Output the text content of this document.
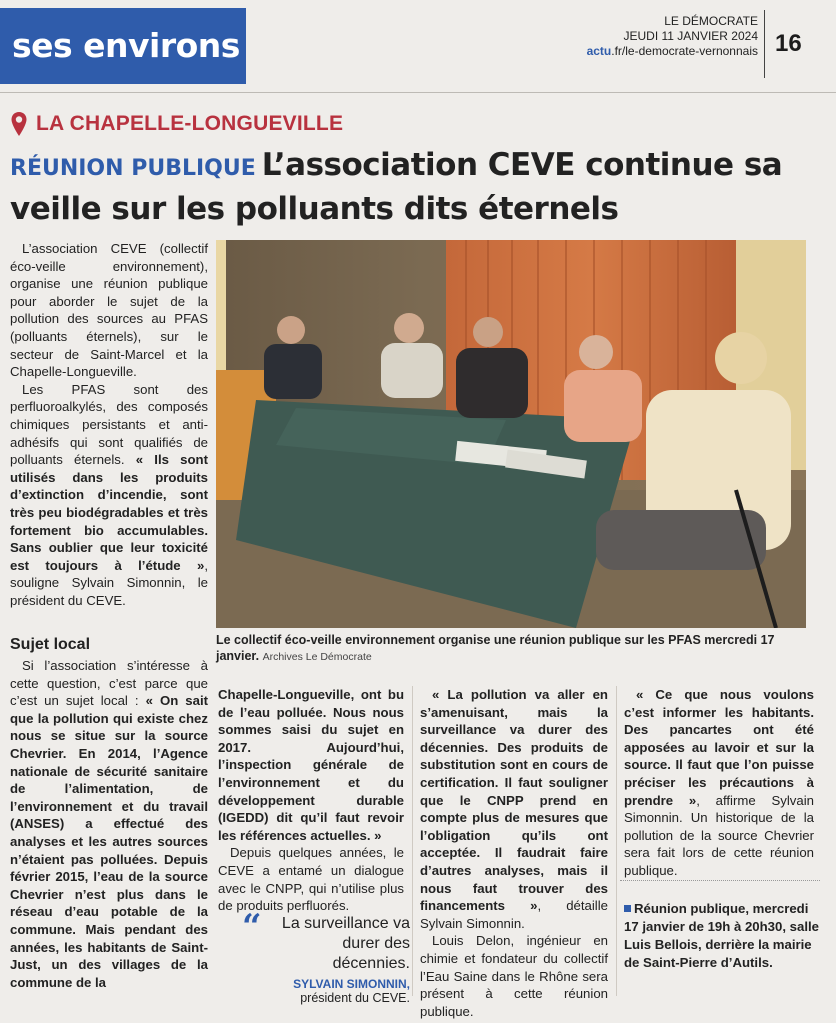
ses environs
LE DÉMOCRATE
JEUDI 11 JANVIER 2024
actu.fr/le-democrate-vernonnais 16
LA CHAPELLE-LONGUEVILLE
RÉUNION PUBLIQUE L’association CEVE continue sa veille sur les polluants dits éternels
Le collectif éco-veille environnement organise une réunion publique sur les PFAS mercredi 17 janvier. Archives Le Démocrate

L’association CEVE (collectif éco-veille environnement), organise une réunion publique pour aborder le sujet de la pollution des sources au PFAS (polluants éternels), sur le secteur de Saint-Marcel et la Chapelle-Longueville.

Les PFAS sont des perfluoroalkylés, des composés chimiques persistants et anti-adhésifs qui sont qualifiés de polluants éternels. « Ils sont utilisés dans les produits d’extinction d’incendie, sont très peu biodégradables et très fortement bio accumulables. Sans oublier que leur toxicité est toujours à l’étude », souligne Sylvain Simonnin, le président du CEVE.

Sujet local

Si l’association s’intéresse à cette question, c’est parce que c’est un sujet local : « On sait que la pollution qui existe chez nous se situe sur la source Chevrier. En 2014, l’Agence nationale de sécurité sanitaire de l’alimentation, de l’environnement et du travail (ANSES) a effectué des analyses et les autres sources n’étaient pas polluées. Depuis février 2015, l’eau de la source Chevrier n’est plus dans le réseau d’eau potable de la commune. Mais pendant des années, les habitants de Saint-Just, un des villages de la commune de la

Chapelle-Longueville, ont bu de l’eau polluée. Nous nous sommes saisi du sujet en 2017. Aujourd’hui, l’inspection générale de l’environnement et du développement durable (IGEDD) dit qu’il faut revoir les références actuelles. »

Depuis quelques années, le CEVE a entamé un dialogue avec le CNPP, qui n’utilise plus de produits perfluorés.

« La pollution va aller en s’amenuisant, mais la surveillance va durer des décennies. Des produits de substitution sont en cours de certification. Il faut souligner que le CNPP prend en compte plus de mesures que l’obligation qu’ils ont acceptée. Il faudrait faire d’autres analyses, mais il nous faut trouver des financements », détaille Sylvain Simonnin.

Louis Delon, ingénieur en chimie et fondateur du collectif l’Eau Saine dans le Rhône sera présent à cette réunion publique.

« Ce que nous voulons c’est informer les habitants. Des pancartes ont été apposées au lavoir et sur la source. Il faut que l’on puisse préciser les précautions à prendre », affirme Sylvain Simonnin. Un historique de la pollution de la source Chevrier sera fait lors de cette réunion publique.

“	La surveillance va durer des décennies.
SYLVAIN SIMONNIN,
président du CEVE.
Réunion publique, mercredi 17 janvier de 19h à 20h30, salle Luis Bellois, derrière la mairie de Saint-Pierre d’Autils.
